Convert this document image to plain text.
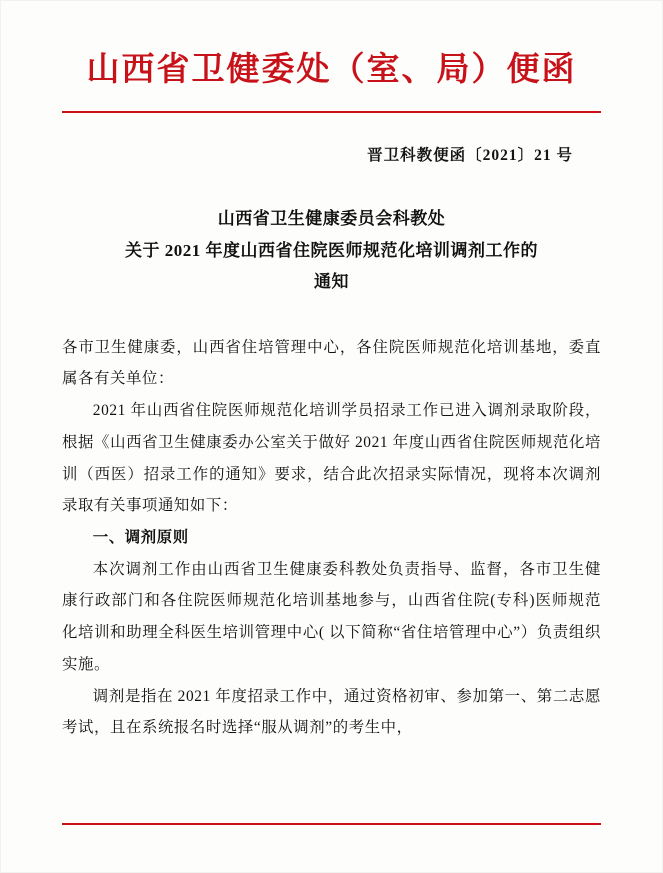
山西省卫健委处（室、局）便函
晋卫科教便函〔2021〕21 号
山西省卫生健康委员会科教处
关于 2021 年度山西省住院医师规范化培训调剂工作的
通知

各市卫生健康委，山西省住培管理中心，各住院医师规范化培训基地，委直属各有关单位：

2021 年山西省住院医师规范化培训学员招录工作已进入调剂录取阶段，根据《山西省卫生健康委办公室关于做好 2021 年度山西省住院医师规范化培训（西医）招录工作的通知》要求，结合此次招录实际情况，现将本次调剂录取有关事项通知如下：

一、调剂原则

本次调剂工作由山西省卫生健康委科教处负责指导、监督，各市卫生健康行政部门和各住院医师规范化培训基地参与，山西省住院(专科)医师规范化培训和助理全科医生培训管理中心( 以下简称“省住培管理中心”）负责组织实施。

调剂是指在 2021 年度招录工作中，通过资格初审、参加第一、第二志愿考试，且在系统报名时选择“服从调剂”的考生中，
